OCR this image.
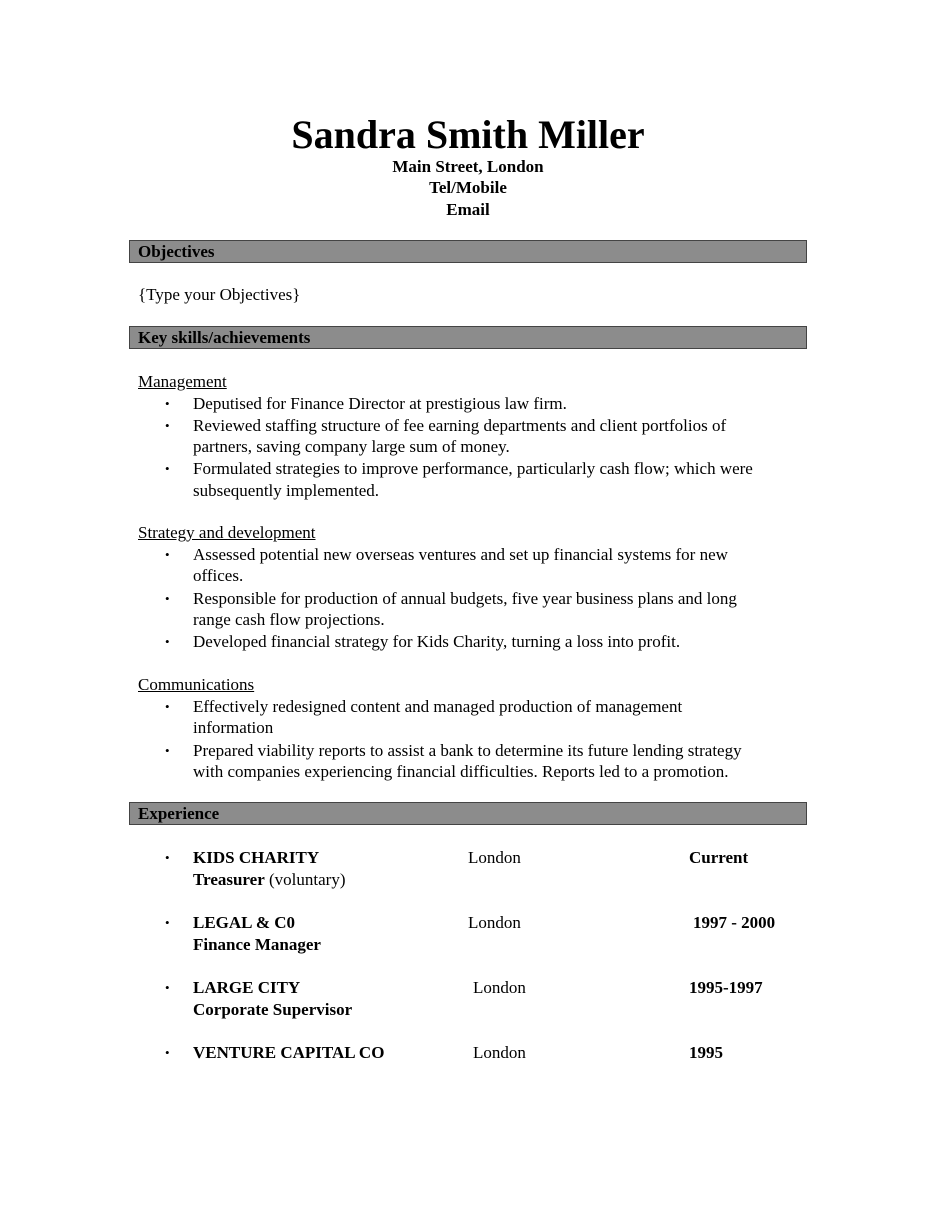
Sandra Smith Miller
Main Street, London
Tel/Mobile
Email
Objectives
{Type your Objectives}
Key skills/achievements
Management
• Deputised for Finance Director at prestigious law firm.
• Reviewed staffing structure of fee earning departments and client portfolios of
partners, saving company large sum of money.
• Formulated strategies to improve performance, particularly cash flow; which were
subsequently implemented.
Strategy and development
• Assessed potential new overseas ventures and set up financial systems for new
offices.
• Responsible for production of annual budgets, five year business plans and long
range cash flow projections.
• Developed financial strategy for Kids Charity, turning a loss into profit.
Communications
• Effectively redesigned content and managed production of management
information
• Prepared viability reports to assist a bank to determine its future lending strategy
with companies experiencing financial difficulties. Reports led to a promotion.
Experience
• KIDS CHARITY	London	Current
Treasurer (voluntary)
• LEGAL & C0	London	1997 - 2000
Finance Manager
• LARGE CITY	London	1995-1997
Corporate Supervisor
• VENTURE CAPITAL CO	London	1995
